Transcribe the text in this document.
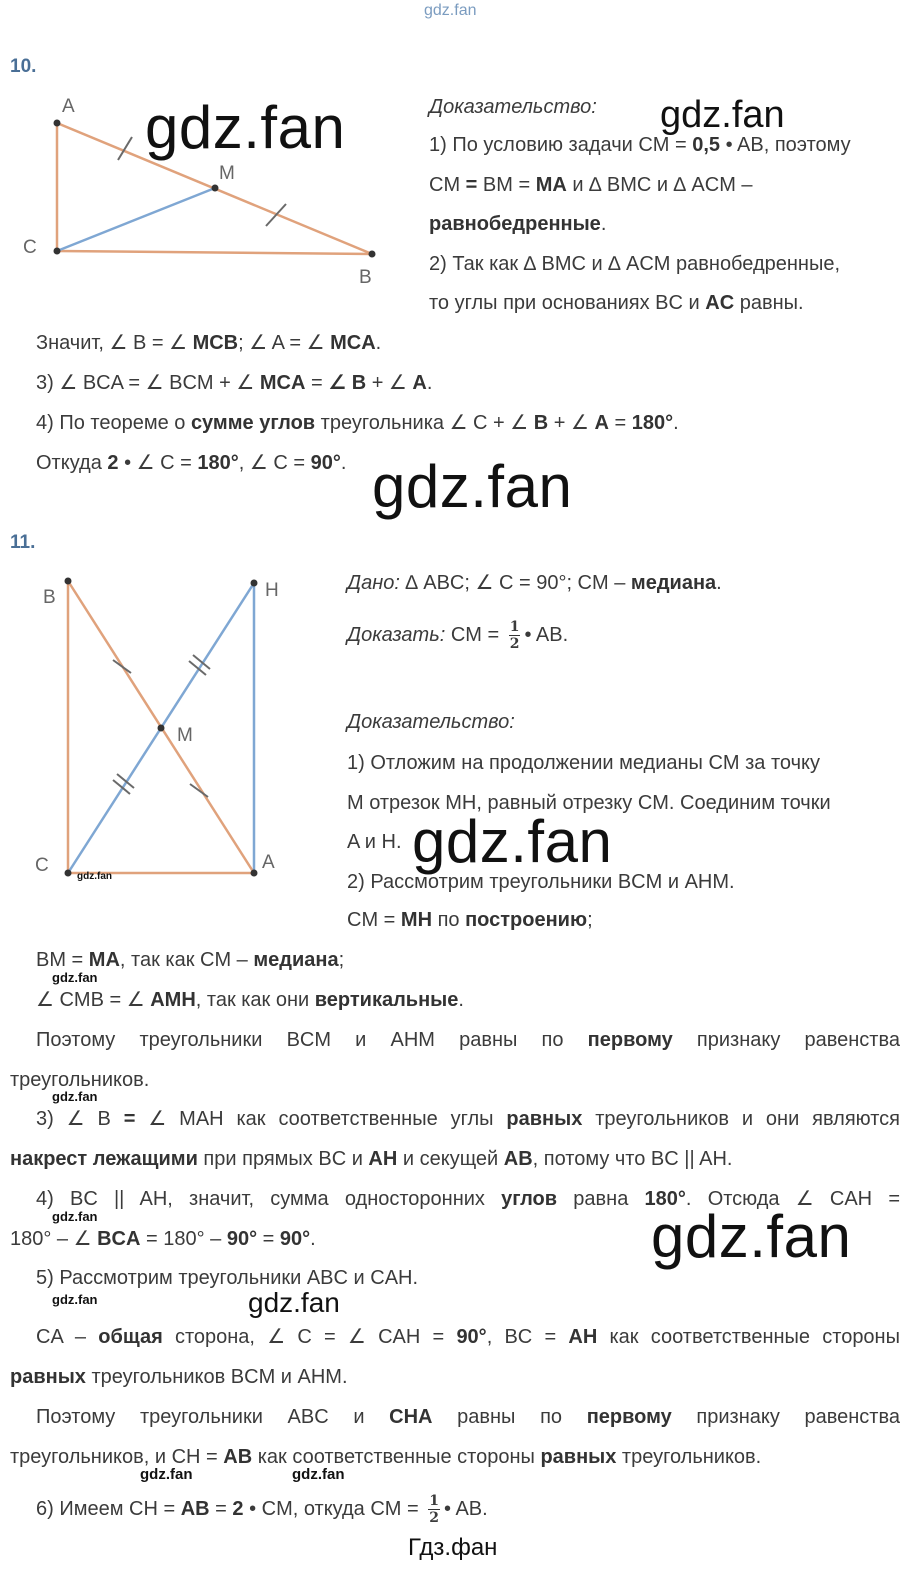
gdz.fan
10.
A
C
B
M
gdz.fan	gdz.fan
Доказательство:
1) По условию задачи CM = 0,5 • AB, поэтому
CM = BM = MA и ∆ BMC и ∆ ACM –
равнобедренные.
2) Так как ∆ BMC и ∆ ACM равнобедренные,
то углы при основаниях BC и AC равны.
Значит, ∠ B = ∠ MCB; ∠ A = ∠ MCA.
3) ∠ BCA = ∠ BCM + ∠ MCA = ∠ B + ∠ A.
4) По теореме о сумме углов треугольника ∠ C + ∠ B + ∠ A = 180°.
Откуда 2 • ∠ C = 180°, ∠ C = 90°. gdz.fan
11.
B	H
M
C	A
gdz.fan
Дано: ∆ ABC; ∠ C = 90°; CM – медиана.
Доказать: CM = $\frac{1}{2}$ • AB.
Доказательство:
1) Отложим на продолжении медианы CM за точку
M отрезок MH, равный отрезку CM. Соединим точки
A и H. gdz.fan
2) Рассмотрим треугольники BCM и AHM.
CM = MH по построению;
BM = MA, так как CM – медиана;
gdz.fan
∠ CMB = ∠ AMH, так как они вертикальные.
Поэтому треугольники BCM и AHM равны по первому признаку равенства
треугольников.
gdz.fan
3) ∠ B = ∠ MAH как соответственные углы равных треугольников и они являются
накрест лежащими при прямых BC и AH и секущей AB, потому что BC || AH.
4) BC || AH, значит, сумма односторонних углов равна 180°. Отсюда ∠ CAH =
gdz.fan
180° – ∠ BCA = 180° – 90° = 90°.	gdz.fan
5) Рассмотрим треугольники ABC и CAH.
gdz.fan	gdz.fan
CA – общая сторона, ∠ C = ∠ CAH = 90°, BC = AH как соответственные стороны
равных треугольников BCM и AHM.
Поэтому треугольники ABC и CHA равны по первому признаку равенства
треугольников, и CH = AB как соответственные стороны равных треугольников.
gdz.fan	gdz.fan
6) Имеем CH = AB = 2 • CM, откуда CM = $\frac{1}{2}$ • AB.
Гдз.фан
